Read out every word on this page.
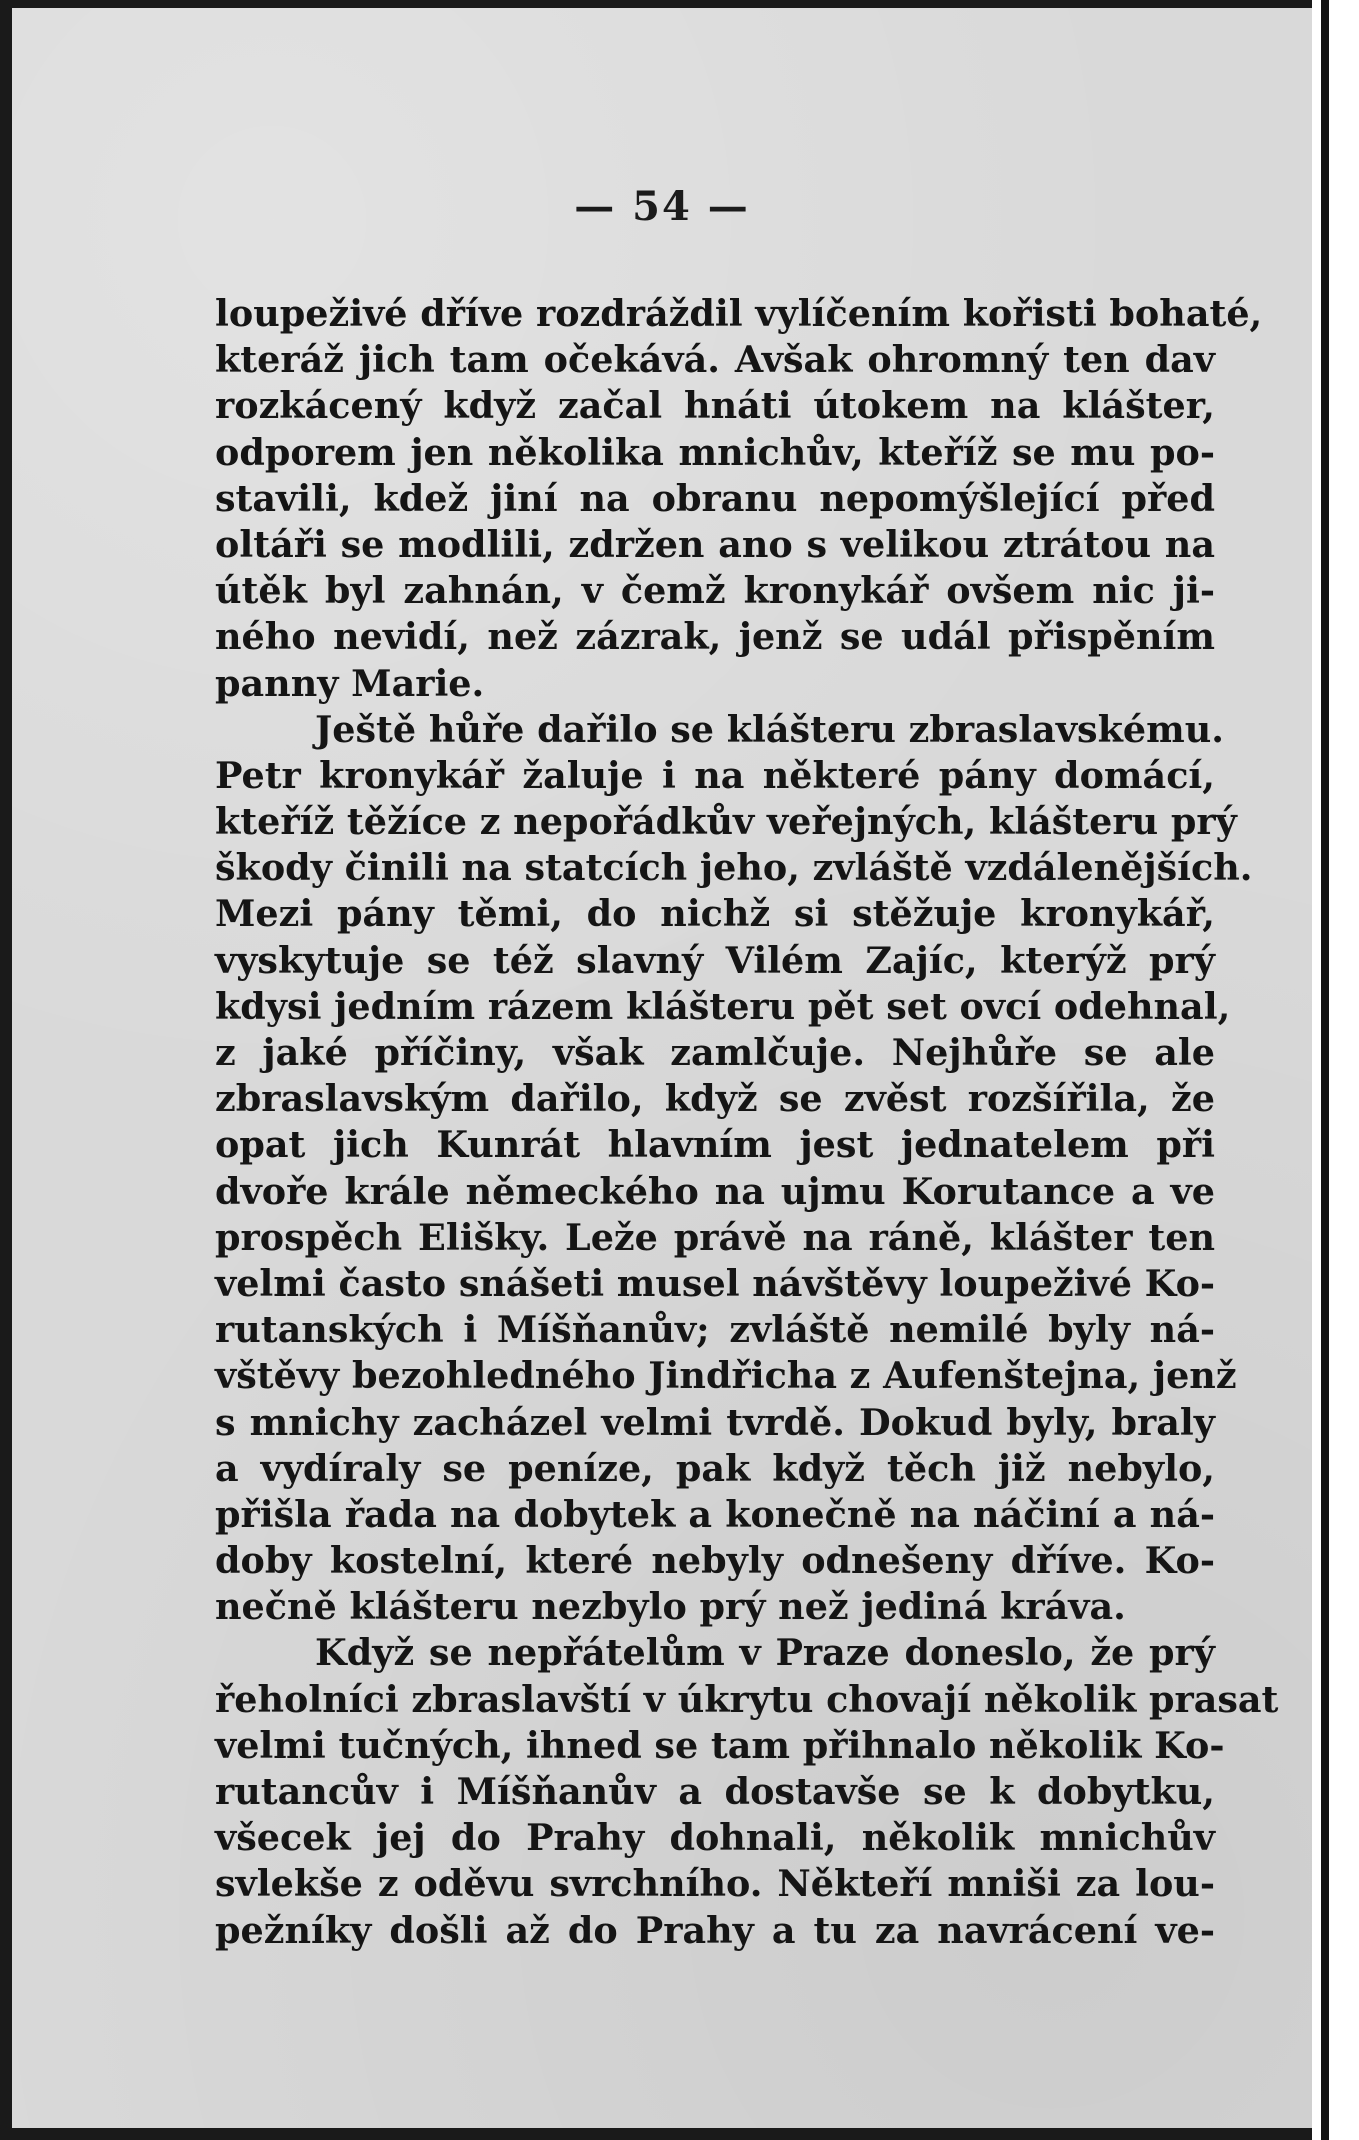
— 54 —
loupeživé dříve rozdráždil vylíčením kořisti bohaté,
kteráž jich tam očekává. Avšak ohromný ten dav
rozkácený když začal hnáti útokem na klášter,
odporem jen několika mnichův, kteříž se mu po-
stavili, kdež jiní na obranu nepomýšlející před
oltáři se modlili, zdržen ano s velikou ztrátou na
útěk byl zahnán, v čemž kronykář ovšem nic ji-
ného nevidí, než zázrak, jenž se udál přispěním
panny Marie.
Ještě hůře dařilo se klášteru zbraslavskému.
Petr kronykář žaluje i na některé pány domácí,
kteříž těžíce z nepořádkův veřejných, klášteru prý
škody činili na statcích jeho, zvláště vzdálenějších.
Mezi pány těmi, do nichž si stěžuje kronykář,
vyskytuje se též slavný Vilém Zajíc, kterýž prý
kdysi jedním rázem klášteru pět set ovcí odehnal,
z jaké příčiny, však zamlčuje. Nejhůře se ale
zbraslavským dařilo, když se zvěst rozšířila, že
opat jich Kunrát hlavním jest jednatelem při
dvoře krále německého na ujmu Korutance a ve
prospěch Elišky. Leže právě na ráně, klášter ten
velmi často snášeti musel návštěvy loupeživé Ko-
rutanských i Míšňanův; zvláště nemilé byly ná-
vštěvy bezohledného Jindřicha z Aufenštejna, jenž
s mnichy zacházel velmi tvrdě. Dokud byly, braly
a vydíraly se peníze, pak když těch již nebylo,
přišla řada na dobytek a konečně na náčiní a ná-
doby kostelní, které nebyly odnešeny dříve. Ko-
nečně klášteru nezbylo prý než jediná kráva.
Když se nepřátelům v Praze doneslo, že prý
řeholníci zbraslavští v úkrytu chovají několik prasat
velmi tučných, ihned se tam přihnalo několik Ko-
rutancův i Míšňanův a dostavše se k dobytku,
všecek jej do Prahy dohnali, několik mnichův
svlekše z oděvu svrchního. Někteří mniši za lou-
pežníky došli až do Prahy a tu za navrácení ve-
